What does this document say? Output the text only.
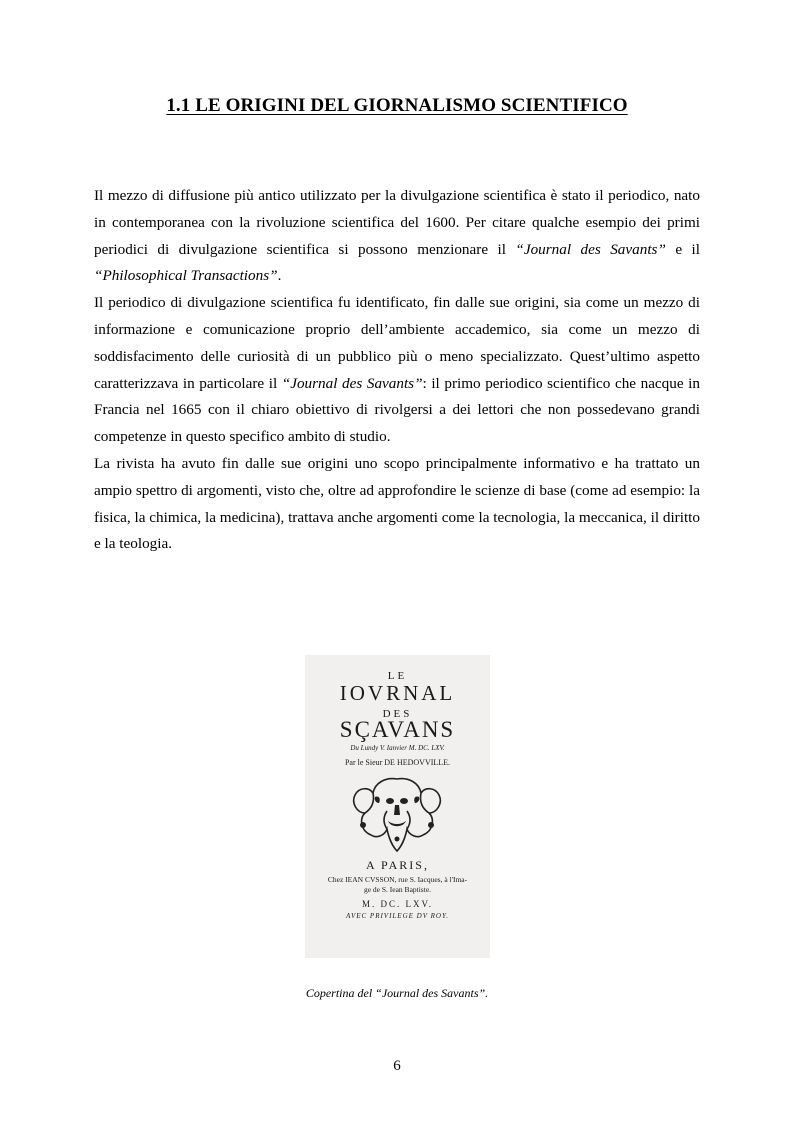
1.1 LE ORIGINI DEL GIORNALISMO SCIENTIFICO

Il mezzo di diffusione più antico utilizzato per la divulgazione scientifica è stato il periodico, nato in contemporanea con la rivoluzione scientifica del 1600. Per citare qualche esempio dei primi periodici di divulgazione scientifica si possono menzionare il “Journal des Savants” e il “Philosophical Transactions”.

Il periodico di divulgazione scientifica fu identificato, fin dalle sue origini, sia come un mezzo di informazione e comunicazione proprio dell’ambiente accademico, sia come un mezzo di soddisfacimento delle curiosità di un pubblico più o meno specializzato. Quest’ultimo aspetto caratterizzava in particolare il “Journal des Savants”: il primo periodico scientifico che nacque in Francia nel 1665 con il chiaro obiettivo di rivolgersi a dei lettori che non possedevano grandi competenze in questo specifico ambito di studio.

La rivista ha avuto fin dalle sue origini uno scopo principalmente informativo e ha trattato un ampio spettro di argomenti, visto che, oltre ad approfondire le scienze di base (come ad esempio: la fisica, la chimica, la medicina), trattava anche argomenti come la tecnologia, la meccanica, il diritto e la teologia.

LE
IOVRNAL
DES
SÇAVANS
Du Lundy V. Ianvier M. DC. LXV.
Par le Sieur DE HEDOVVILLE.
A PARIS,
Chez IEAN CVSSON, rue S. Iacques, à l'Ima-
ge de S. Iean Baptiste.
M. DC. LXV.
AVEC PRIVILEGE DV ROY.
Copertina del “Journal des Savants”.
6
